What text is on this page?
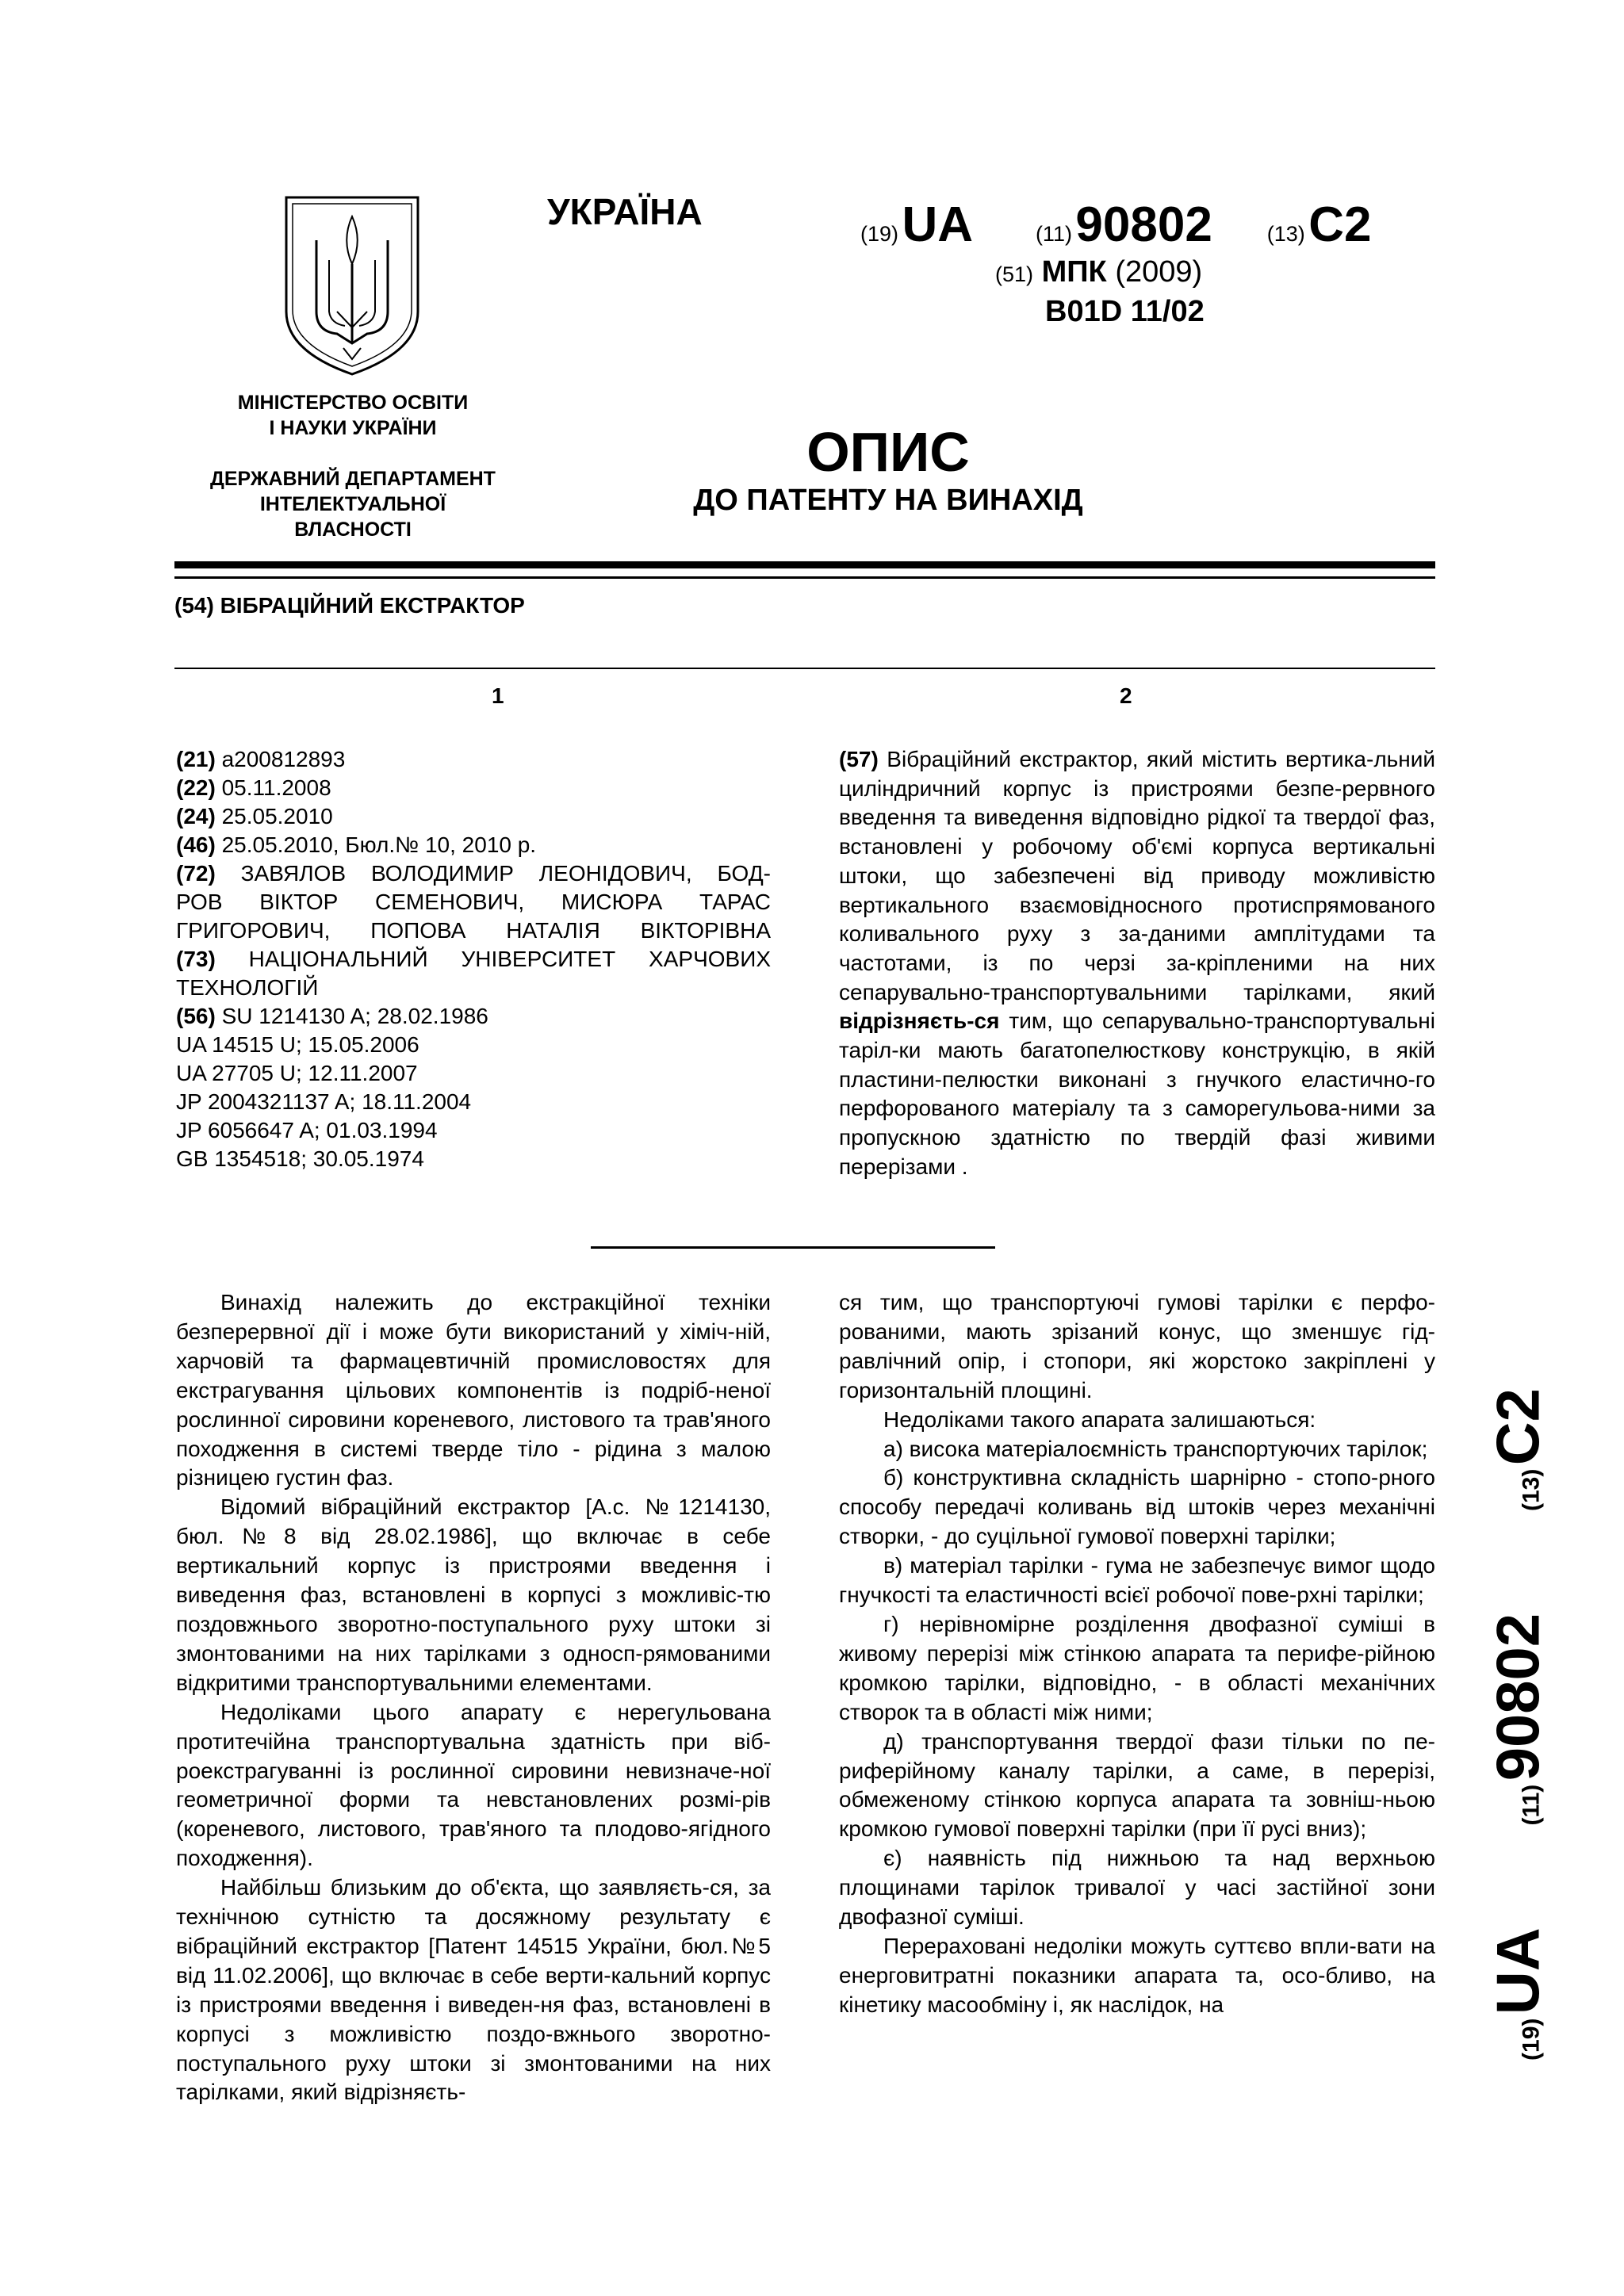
МІНІСТЕРСТВО ОСВІТИ
І НАУКИ УКРАЇНИ
ДЕРЖАВНИЙ ДЕПАРТАМЕНТ
ІНТЕЛЕКТУАЛЬНОЇ
ВЛАСНОСТІ
УКРАЇНА
(19) UA	(11) 90802	(13) C2
(51) МПК (2009)
B01D 11/02
ОПИС
ДО ПАТЕНТУ НА ВИНАХІД
(54) ВІБРАЦІЙНИЙ ЕКСТРАКТОР
1	2
(21) a200812893
(22) 05.11.2008
(24) 25.05.2010
(46) 25.05.2010, Бюл.№ 10, 2010 р.
(72) ЗАВЯЛОВ ВОЛОДИМИР ЛЕОНІДОВИЧ, БОД-
РОВ ВІКТОР СЕМЕНОВИЧ, МИСЮРА ТАРАС
ГРИГОРОВИЧ, ПОПОВА НАТАЛІЯ ВІКТОРІВНА
(73) НАЦІОНАЛЬНИЙ УНІВЕРСИТЕТ ХАРЧОВИХ
ТЕХНОЛОГІЙ
(56) SU 1214130 A; 28.02.1986
UA 14515 U; 15.05.2006
UA 27705 U; 12.11.2007
JP 2004321137 A; 18.11.2004
JP 6056647 A; 01.03.1994
GB 1354518; 30.05.1974
(57) Вібраційний екстрактор, який містить вертика-льний циліндричний корпус із пристроями безпе-рервного введення та виведення відповідно рідкої та твердої фаз, встановлені у робочому об'ємі корпуса вертикальні штоки, що забезпечені від приводу можливістю вертикального взаємовідносного протиспрямованого коливального руху з за-даними амплітудами та частотами, із по черзі за-кріпленими на них сепарувально-транспортувальними тарілками, який відрізняєть-ся тим, що сепарувально-транспортувальні таріл-ки мають багатопелюсткову конструкцію, в якій пластини-пелюстки виконані з гнучкого еластично-го перфорованого матеріалу та з саморегульова-ними за пропускною здатністю по твердій фазі живими перерізами .

Винахід належить до екстракційної техніки безперервної дії і може бути використаний у хіміч-ній, харчовій та фармацевтичній промисловостях для екстрагування цільових компонентів із подріб-неної рослинної сировини кореневого, листового та трав'яного походження в системі тверде тіло - рідина з малою різницею густин фаз.

Відомий вібраційний екстрактор [А.с. №1214130, бюл.№8 від 28.02.1986], що включає в себе вертикальний корпус із пристроями введення і виведення фаз, встановлені в корпусі з можливіс-тю поздовжнього зворотно-поступального руху штоки зі змонтованими на них тарілками з односп-рямованими відкритими транспортувальними елементами.

Недоліками цього апарату є нерегульована протитечійна транспортувальна здатність при віб-роекстрагуванні із рослинної сировини невизначе-ної геометричної форми та невстановлених розмі-рів (кореневого, листового, трав'яного та плодово-ягідного походження).

Найбільш близьким до об'єкта, що заявляєть-ся, за технічною сутністю та досяжному результату є вібраційний екстрактор [Патент 14515 України, бюл.№5 від 11.02.2006], що включає в себе верти-кальний корпус із пристроями введення і виведен-ня фаз, встановлені в корпусі з можливістю поздо-вжнього зворотно-поступального руху штоки зі змонтованими на них тарілками, який відрізняєть-

ся тим, що транспортуючі гумові тарілки є перфо-рованими, мають зрізаний конус, що зменшує гід-равлічний опір, і стопори, які жорстоко закріплені у горизонтальній площині.

Недоліками такого апарата залишаються:

а) висока матеріалоємність транспортуючих тарілок;

б) конструктивна складність шарнірно - стопо-рного способу передачі коливань від штоків через механічні створки, - до суцільної гумової поверхні тарілки;

в) матеріал тарілки - гума не забезпечує вимог щодо гнучкості та еластичності всієї робочої пове-рхні тарілки;

г) нерівномірне розділення двофазної суміші в живому перерізі між стінкою апарата та перифе-рійною кромкою тарілки, відповідно, - в області механічних створок та в області між ними;

д) транспортування твердої фази тільки по пе-риферійному каналу тарілки, а саме, в перерізі, обмеженому стінкою корпуса апарата та зовніш-ньою кромкою гумової поверхні тарілки (при її русі вниз);

є) наявність під нижньою та над верхньою площинами тарілок тривалої у часі застійної зони двофазної суміші.

Перераховані недоліки можуть суттєво впли-вати на енерговитратні показники апарата та, осо-бливо, на кінетику масообміну і, як наслідок, на

(19) UA  (11) 90802  (13) C2
